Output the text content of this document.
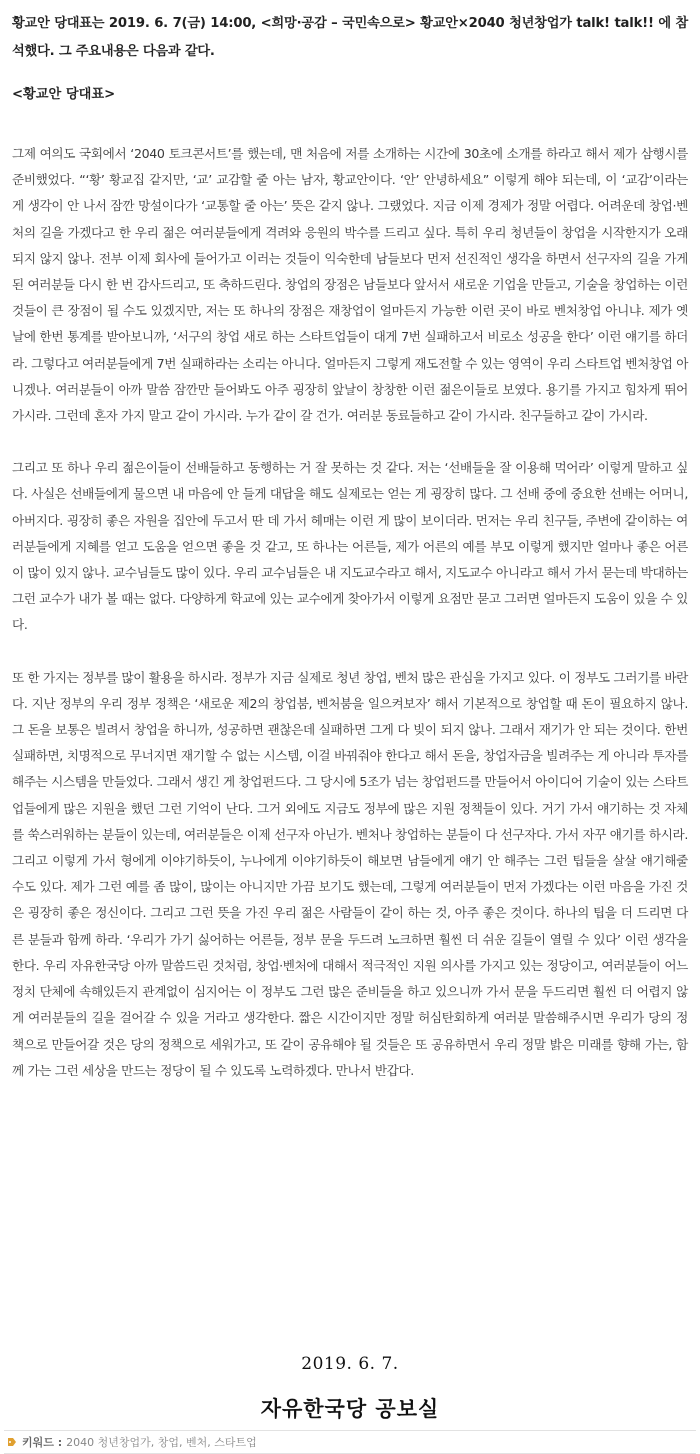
황교안 당대표는 2019. 6. 7(금) 14:00, <희망·공감 – 국민속으로> 황교안×2040 청년창업가 talk! talk!! 에 참석했다. 그 주요내용은 다음과 같다.

<황교안 당대표>

그제 여의도 국회에서 ‘2040 토크콘서트’를 했는데, 맨 처음에 저를 소개하는 시간에 30초에 소개를 하라고 해서 제가 삼행시를 준비했었다. “‘황’ 황교집 같지만, ‘교’ 교감할 줄 아는 남자, 황교안이다. ‘안’ 안녕하세요” 이렇게 해야 되는데, 이 ‘교감’이라는 게 생각이 안 나서 잠깐 망설이다가 ‘교통할 줄 아는’ 뜻은 같지 않나. 그랬었다. 지금 이제 경제가 정말 어렵다. 어려운데 창업·벤처의 길을 가겠다고 한 우리 젊은 여러분들에게 격려와 응원의 박수를 드리고 싶다. 특히 우리 청년들이 창업을 시작한지가 오래되지 않지 않나. 전부 이제 회사에 들어가고 이러는 것들이 익숙한데 남들보다 먼저 선진적인 생각을 하면서 선구자의 길을 가게 된 여러분들 다시 한 번 감사드리고, 또 축하드린다. 창업의 장점은 남들보다 앞서서 새로운 기업을 만들고, 기술을 창업하는 이런 것들이 큰 장점이 될 수도 있겠지만, 저는 또 하나의 장점은 재창업이 얼마든지 가능한 이런 곳이 바로 벤처창업 아니냐. 제가 옛날에 한번 통계를 받아보니까, ‘서구의 창업 새로 하는 스타트업들이 대게 7번 실패하고서 비로소 성공을 한다’ 이런 얘기를 하더라. 그렇다고 여러분들에게 7번 실패하라는 소리는 아니다. 얼마든지 그렇게 재도전할 수 있는 영역이 우리 스타트업 벤처창업 아니겠나. 여러분들이 아까 말씀 잠깐만 들어봐도 아주 굉장히 앞날이 창창한 이런 젊은이들로 보였다. 용기를 가지고 힘차게 뛰어가시라. 그런데 혼자 가지 말고 같이 가시라. 누가 같이 갈 건가. 여러분 동료들하고 같이 가시라. 친구들하고 같이 가시라.

그리고 또 하나 우리 젊은이들이 선배들하고 동행하는 거 잘 못하는 것 같다. 저는 ‘선배들을 잘 이용해 먹어라’ 이렇게 말하고 싶다. 사실은 선배들에게 물으면 내 마음에 안 들게 대답을 해도 실제로는 얻는 게 굉장히 많다. 그 선배 중에 중요한 선배는 어머니, 아버지다. 굉장히 좋은 자원을 집안에 두고서 딴 데 가서 헤매는 이런 게 많이 보이더라. 먼저는 우리 친구들, 주변에 같이하는 여러분들에게 지혜를 얻고 도움을 얻으면 좋을 것 같고, 또 하나는 어른들, 제가 어른의 예를 부모 이렇게 했지만 얼마나 좋은 어른이 많이 있지 않나. 교수님들도 많이 있다. 우리 교수님들은 내 지도교수라고 해서, 지도교수 아니라고 해서 가서 묻는데 박대하는 그런 교수가 내가 볼 때는 없다. 다양하게 학교에 있는 교수에게 찾아가서 이렇게 요점만 묻고 그러면 얼마든지 도움이 있을 수 있다.

또 한 가지는 정부를 많이 활용을 하시라. 정부가 지금 실제로 청년 창업, 벤처 많은 관심을 가지고 있다. 이 정부도 그러기를 바란다. 지난 정부의 우리 정부 정책은 ‘새로운 제2의 창업붐, 벤처붐을 일으켜보자’ 해서 기본적으로 창업할 때 돈이 필요하지 않나. 그 돈을 보통은 빌려서 창업을 하니까, 성공하면 괜찮은데 실패하면 그게 다 빚이 되지 않나. 그래서 재기가 안 되는 것이다. 한번 실패하면, 치명적으로 무너지면 재기할 수 없는 시스템, 이걸 바꿔줘야 한다고 해서 돈을, 창업자금을 빌려주는 게 아니라 투자를 해주는 시스템을 만들었다. 그래서 생긴 게 창업펀드다. 그 당시에 5조가 넘는 창업펀드를 만들어서 아이디어 기술이 있는 스타트업들에게 많은 지원을 했던 그런 기억이 난다. 그거 외에도 지금도 정부에 많은 지원 정책들이 있다. 거기 가서 얘기하는 것 자체를 쑥스러워하는 분들이 있는데, 여러분들은 이제 선구자 아닌가. 벤처나 창업하는 분들이 다 선구자다. 가서 자꾸 얘기를 하시라. 그리고 이렇게 가서 형에게 이야기하듯이, 누나에게 이야기하듯이 해보면 남들에게 얘기 안 해주는 그런 팁들을 살살 얘기해줄 수도 있다. 제가 그런 예를 좀 많이, 많이는 아니지만 가끔 보기도 했는데, 그렇게 여러분들이 먼저 가겠다는 이런 마음을 가진 것은 굉장히 좋은 정신이다. 그리고 그런 뜻을 가진 우리 젊은 사람들이 같이 하는 것, 아주 좋은 것이다. 하나의 팁을 더 드리면 다른 분들과 함께 하라. ‘우리가 가기 싫어하는 어른들, 정부 문을 두드려 노크하면 훨씬 더 쉬운 길들이 열릴 수 있다’ 이런 생각을 한다. 우리 자유한국당 아까 말씀드린 것처럼, 창업·벤처에 대해서 적극적인 지원 의사를 가지고 있는 정당이고, 여러분들이 어느 정치 단체에 속해있든지 관계없이 심지어는 이 정부도 그런 많은 준비들을 하고 있으니까 가서 문을 두드리면 훨씬 더 어렵지 않게 여러분들의 길을 걸어갈 수 있을 거라고 생각한다. 짧은 시간이지만 정말 허심탄회하게 여러분 말씀해주시면 우리가 당의 정책으로 만들어갈 것은 당의 정책으로 세워가고, 또 같이 공유해야 될 것들은 또 공유하면서 우리 정말 밝은 미래를 향해 가는, 함께 가는 그런 세상을 만드는 정당이 될 수 있도록 노력하겠다. 만나서 반갑다.

2019. 6. 7.
자유한국당 공보실
키워드 : 2040 청년창업가, 창업, 벤처, 스타트업
